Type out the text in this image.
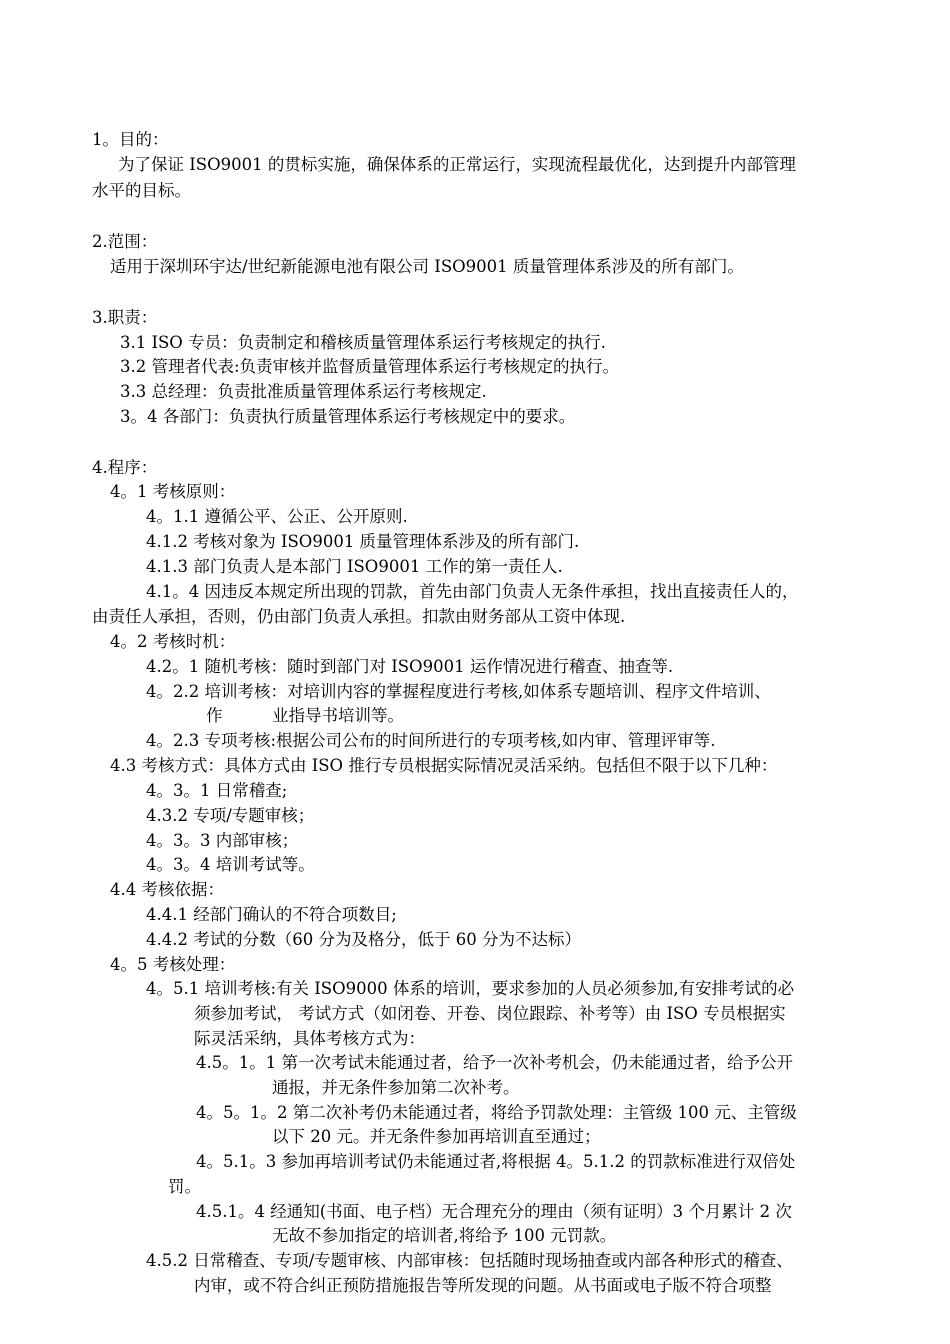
1。目的：
为了保证 ISO9001 的贯标实施，确保体系的正常运行，实现流程最优化，达到提升内部管理
水平的目标。
2.范围：
适用于深圳环宇达/世纪新能源电池有限公司 ISO9001 质量管理体系涉及的所有部门。
3.职责：
3.1 ISO 专员：负责制定和稽核质量管理体系运行考核规定的执行.
3.2 管理者代表:负责审核并监督质量管理体系运行考核规定的执行。
3.3 总经理：负责批准质量管理体系运行考核规定.
3。4 各部门：负责执行质量管理体系运行考核规定中的要求。
4.程序：
4。1 考核原则：
4。1.1 遵循公平、公正、公开原则.
4.1.2 考核对象为 ISO9001 质量管理体系涉及的所有部门.
4.1.3 部门负责人是本部门 ISO9001 工作的第一责任人.
4.1。4 因违反本规定所出现的罚款，首先由部门负责人无条件承担，找出直接责任人的，
由责任人承担，否则，仍由部门负责人承担。扣款由财务部从工资中体现.
4。2 考核时机：
4.2。1 随机考核：随时到部门对 ISO9001 运作情况进行稽查、抽查等.
4。2.2 培训考核：对培训内容的掌握程度进行考核,如体系专题培训、程序文件培训、
作	业指导书培训等。
4。2.3 专项考核:根据公司公布的时间所进行的专项考核,如内审、管理评审等.
4.3 考核方式：具体方式由 ISO 推行专员根据实际情况灵活采纳。包括但不限于以下几种：
4。3。1 日常稽查;
4.3.2 专项/专题审核；
4。3。3 内部审核；
4。3。4 培训考试等。
4.4 考核依据：
4.4.1 经部门确认的不符合项数目;
4.4.2 考试的分数（60 分为及格分，低于 60 分为不达标）
4。5 考核处理：
4。5.1 培训考核:有关 ISO9000 体系的培训，要求参加的人员必须参加,有安排考试的必
须参加考试， 考试方式（如闭卷、开卷、岗位跟踪、补考等）由 ISO 专员根据实
际灵活采纳，具体考核方式为：
4.5。1。1 第一次考试未能通过者，给予一次补考机会，仍未能通过者，给予公开
通报，并无条件参加第二次补考。
4。5。1。2 第二次补考仍未能通过者，将给予罚款处理：主管级 100 元、主管级
以下 20 元。并无条件参加再培训直至通过；
4。5.1。3 参加再培训考试仍未能通过者,将根据 4。5.1.2 的罚款标准进行双倍处
罚。
4.5.1。4 经通知(书面、电子档）无合理充分的理由（须有证明）3 个月累计 2 次
无故不参加指定的培训者,将给予 100 元罚款。
4.5.2 日常稽查、专项/专题审核、内部审核：包括随时现场抽查或内部各种形式的稽查、
内审，或不符合纠正预防措施报告等所发现的问题。从书面或电子版不符合项整
